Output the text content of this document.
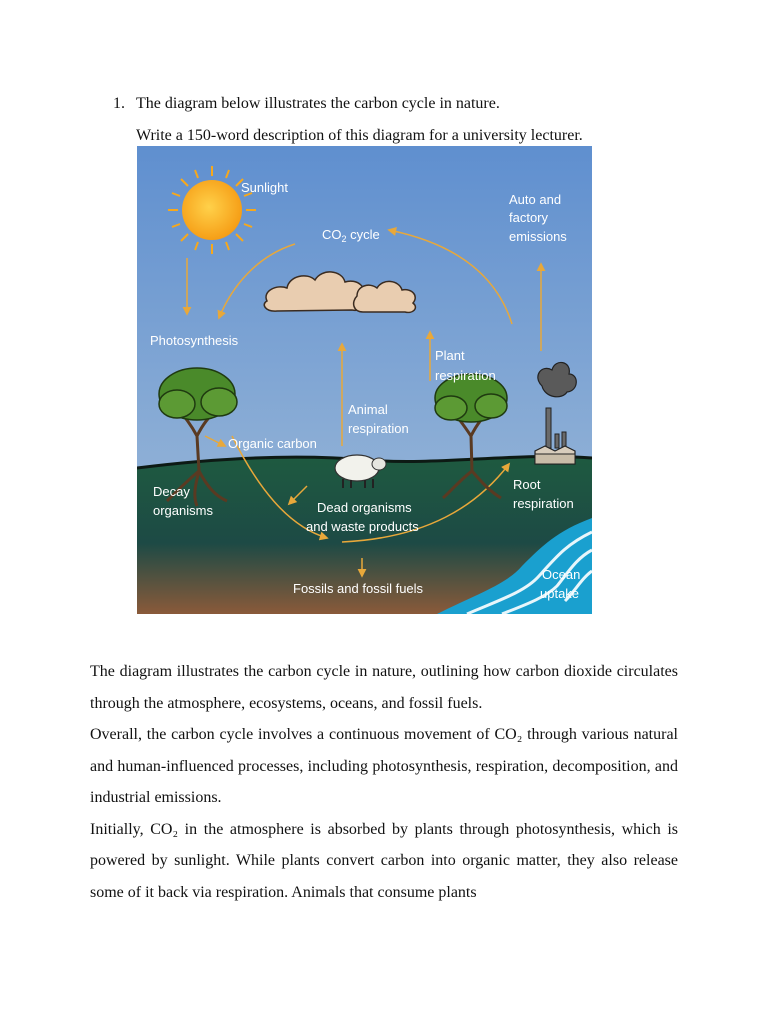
1. The diagram below illustrates the carbon cycle in nature.
Write a 150-word description of this diagram for a university lecturer.
Sunlight
$CO_2$ cycle
Auto and
factory
emissions
Photosynthesis
Plant
respiration
Animal
respiration
Organic carbon
Decay
organisms	Dead organisms
and waste products
Root
respiration
Fossils and fossil fuels
Ocean
uptake

The diagram illustrates the carbon cycle in nature, outlining how carbon dioxide circulates through the atmosphere, ecosystems, oceans, and fossil fuels.

Overall, the carbon cycle involves a continuous movement of CO₂ through various natural and human-influenced processes, including photosynthesis, respiration, decomposition, and industrial emissions.

Initially, CO₂ in the atmosphere is absorbed by plants through photosynthesis, which is powered by sunlight. While plants convert carbon into organic matter, they also release some of it back via respiration. Animals that consume plants
